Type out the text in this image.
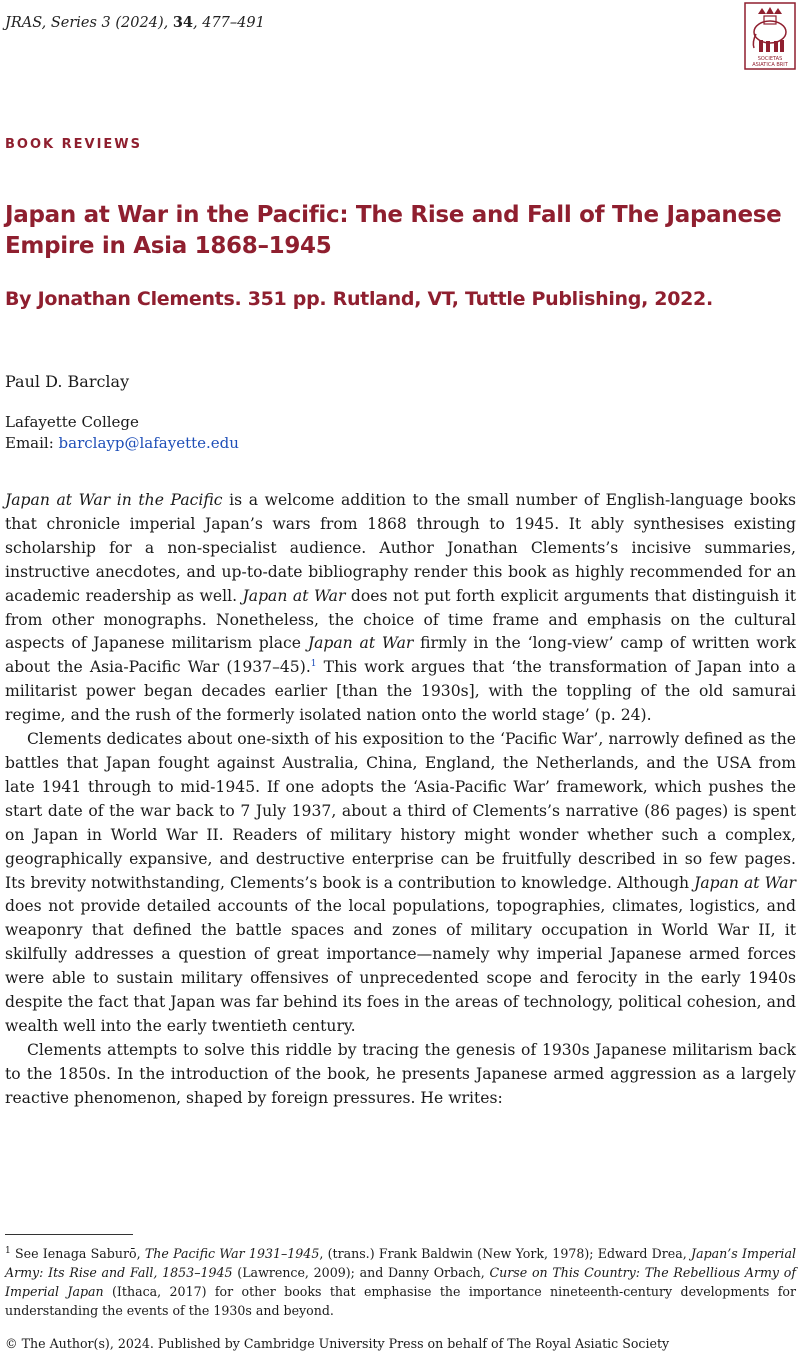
JRAS, Series 3 (2024), 34, 477–491
SOCIETAS
ASIATICA BRIT
BOOK REVIEWS
Japan at War in the Pacific: The Rise and Fall of The Japanese Empire in Asia 1868–1945
By Jonathan Clements. 351 pp. Rutland, VT, Tuttle Publishing, 2022.
Paul D. Barclay
Lafayette College
Email: barclayp@lafayette.edu

Japan at War in the Pacific is a welcome addition to the small number of English-language books that chronicle imperial Japan’s wars from 1868 through to 1945. It ably synthesises existing scholarship for a non-specialist audience. Author Jonathan Clements’s incisive summaries, instructive anecdotes, and up-to-date bibliography render this book as highly recommended for an academic readership as well. Japan at War does not put forth explicit arguments that distinguish it from other monographs. Nonetheless, the choice of time frame and emphasis on the cultural aspects of Japanese militarism place Japan at War firmly in the ‘long-view’ camp of written work about the Asia-Pacific War (1937–45).$^1$ This work argues that ‘the transformation of Japan into a militarist power began decades earlier [than the 1930s], with the toppling of the old samurai regime, and the rush of the formerly isolated nation onto the world stage’ (p. 24).

Clements dedicates about one-sixth of his exposition to the ‘Pacific War’, narrowly defined as the battles that Japan fought against Australia, China, England, the Netherlands, and the USA from late 1941 through to mid-1945. If one adopts the ‘Asia-Pacific War’ framework, which pushes the start date of the war back to 7 July 1937, about a third of Clements’s narrative (86 pages) is spent on Japan in World War II. Readers of military history might wonder whether such a complex, geographically expansive, and destructive enterprise can be fruitfully described in so few pages. Its brevity notwithstanding, Clements’s book is a contribution to knowledge. Although Japan at War does not provide detailed accounts of the local populations, topographies, climates, logistics, and weaponry that defined the battle spaces and zones of military occupation in World War II, it skilfully addresses a question of great importance—namely why imperial Japanese armed forces were able to sustain military offensives of unprecedented scope and ferocity in the early 1940s despite the fact that Japan was far behind its foes in the areas of technology, political cohesion, and wealth well into the early twentieth century.

Clements attempts to solve this riddle by tracing the genesis of 1930s Japanese militarism back to the 1850s. In the introduction of the book, he presents Japanese armed aggression as a largely reactive phenomenon, shaped by foreign pressures. He writes:

$^1$ See Ienaga Saburō, The Pacific War 1931–1945, (trans.) Frank Baldwin (New York, 1978); Edward Drea, Japan’s Imperial Army: Its Rise and Fall, 1853–1945 (Lawrence, 2009); and Danny Orbach, Curse on This Country: The Rebellious Army of Imperial Japan (Ithaca, 2017) for other books that emphasise the importance nineteenth-century developments for understanding the events of the 1930s and beyond.
© The Author(s), 2024. Published by Cambridge University Press on behalf of The Royal Asiatic Society
